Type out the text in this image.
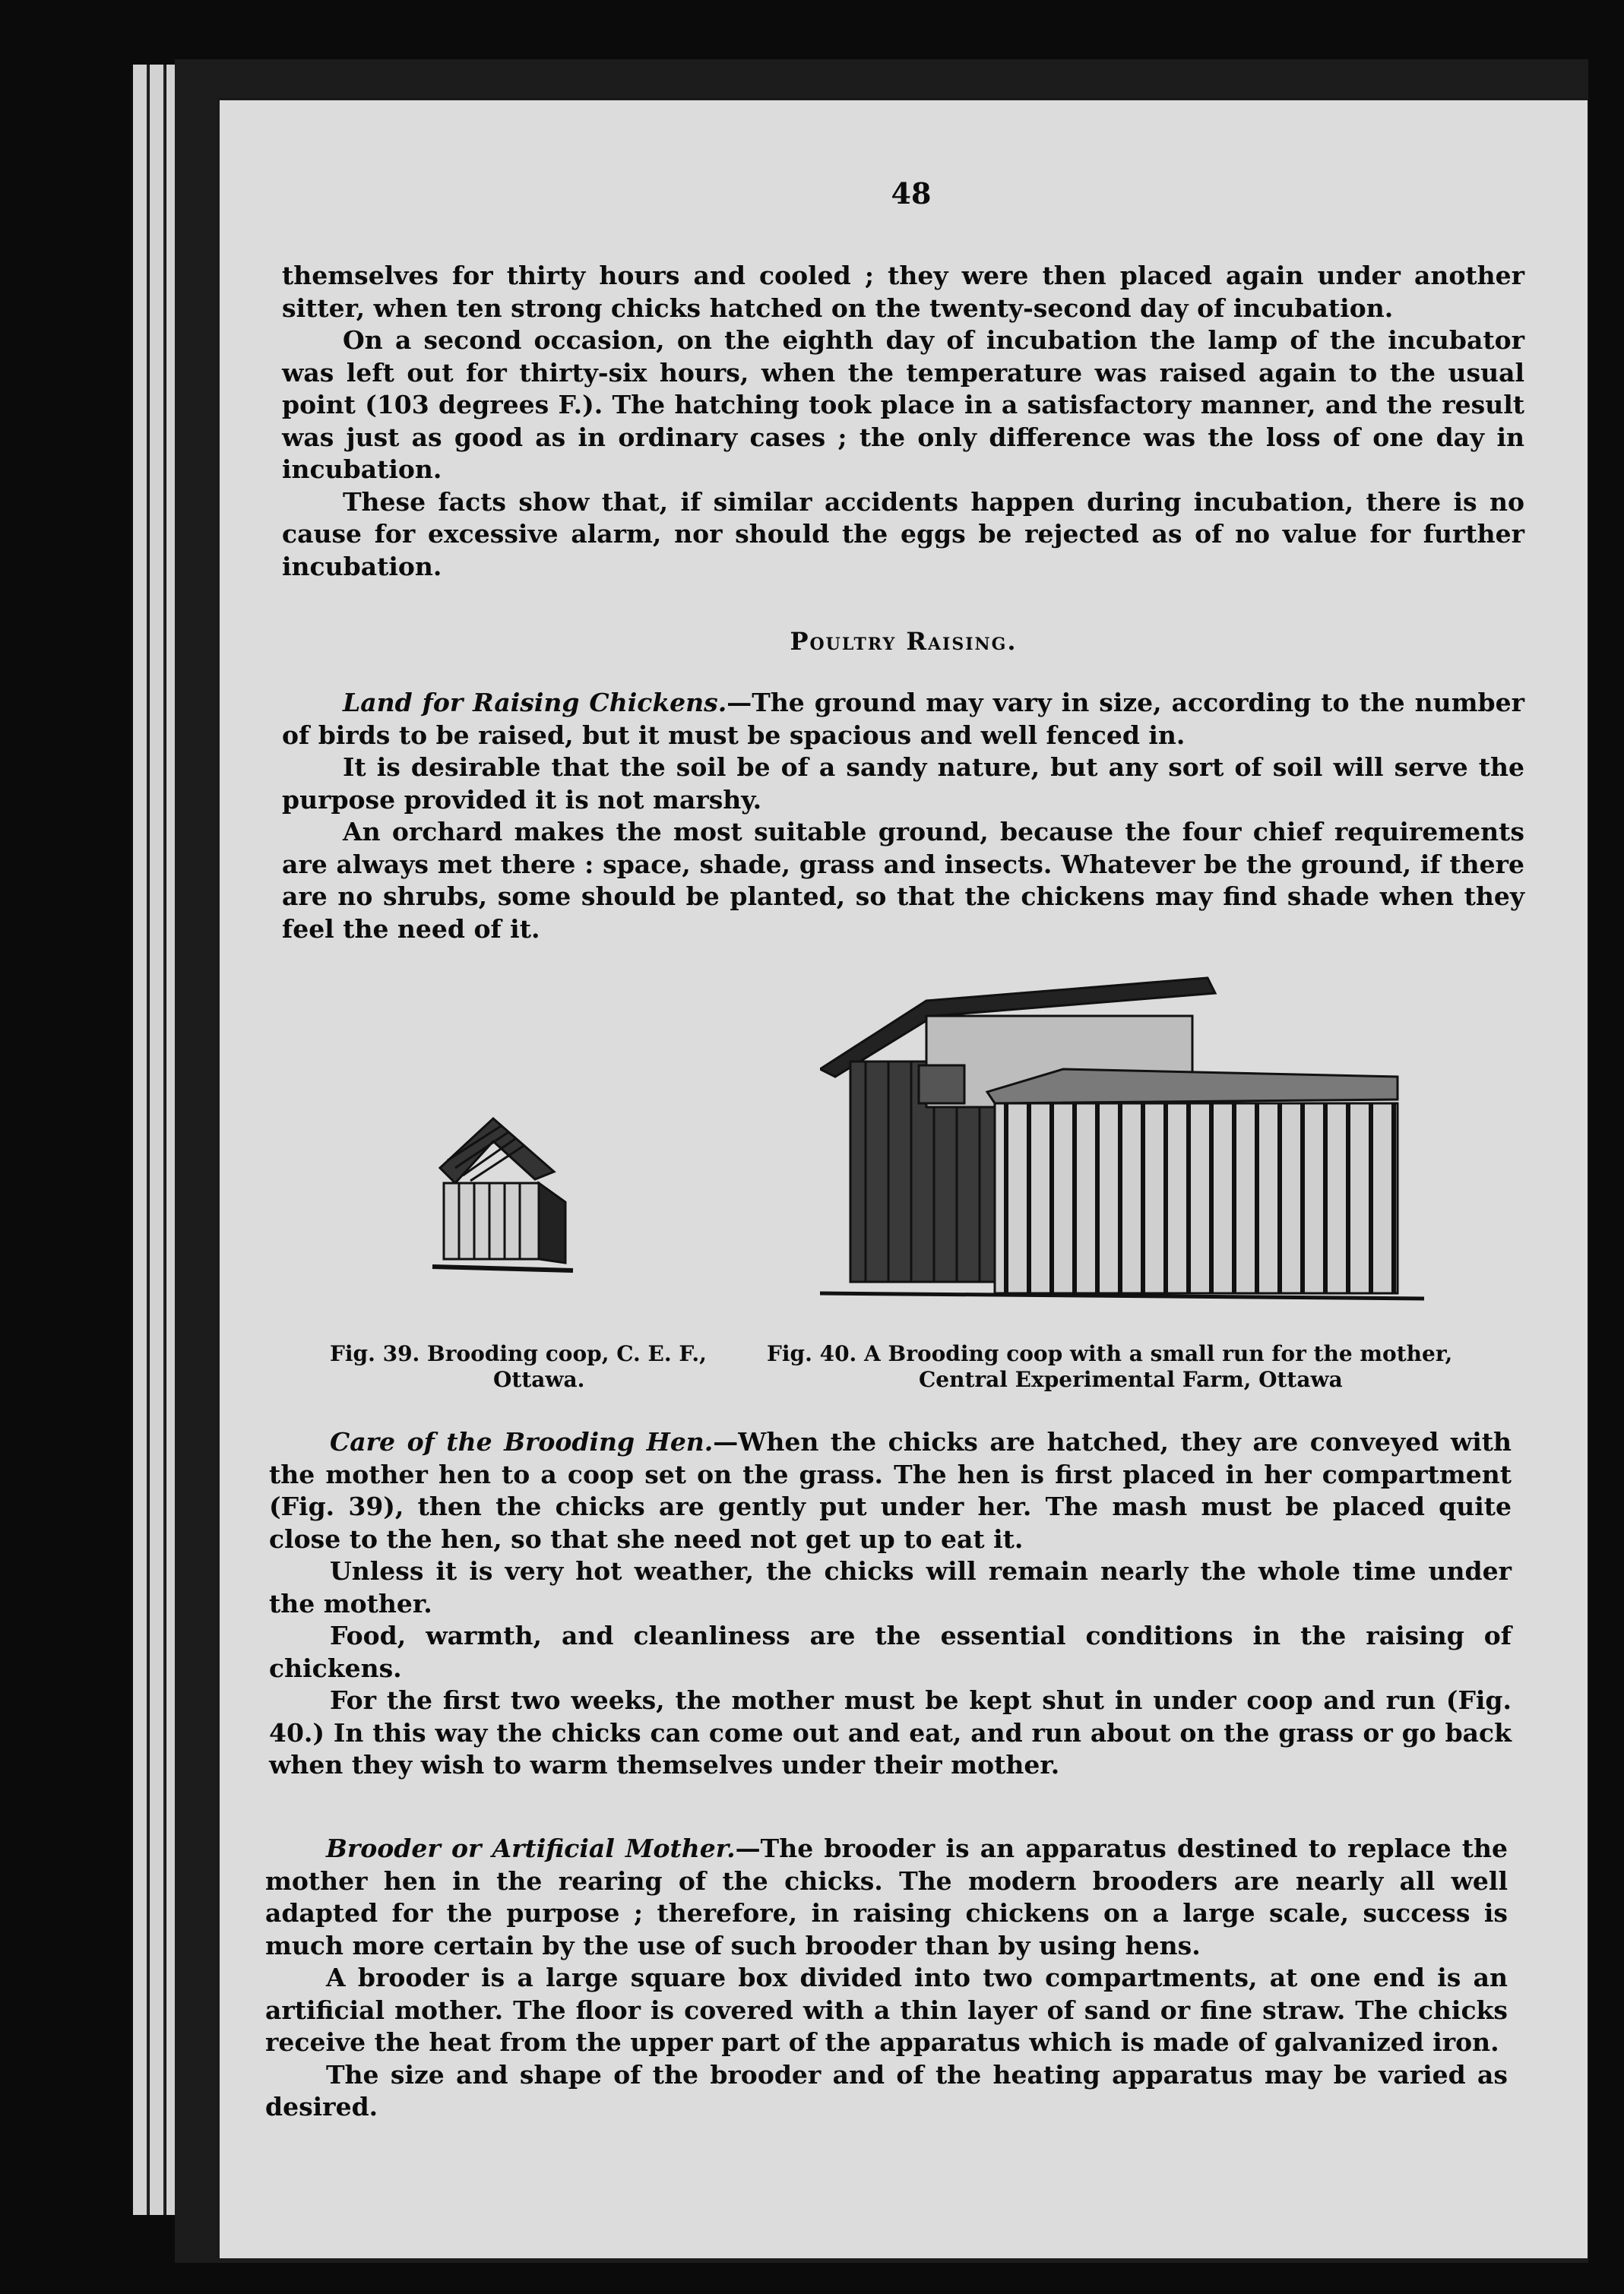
48

themselves for thirty hours and cooled ; they were then placed again under another sitter, when ten strong chicks hatched on the twenty-second day of incubation.

On a second occasion, on the eighth day of incubation the lamp of the incubator was left out for thirty-six hours, when the temperature was raised again to the usual point (103 degrees F.). The hatching took place in a satisfactory manner, and the result was just as good as in ordinary cases ; the only difference was the loss of one day in incubation.

These facts show that, if similar accidents happen during incubation, there is no cause for excessive alarm, nor should the eggs be rejected as of no value for further incubation.

Poultry Raising.

Land for Raising Chickens.—The ground may vary in size, according to the number of birds to be raised, but it must be spacious and well fenced in.

It is desirable that the soil be of a sandy nature, but any sort of soil will serve the purpose provided it is not marshy.

An orchard makes the most suitable ground, because the four chief requirements are always met there : space, shade, grass and insects. Whatever be the ground, if there are no shrubs, some should be planted, so that the chickens may find shade when they feel the need of it.

Fig. 39. Brooding coop, C. E. F.,
Ottawa.
Fig. 40. A Brooding coop with a small run for the mother,
Central Experimental Farm, Ottawa

Care of the Brooding Hen.—When the chicks are hatched, they are conveyed with the mother hen to a coop set on the grass. The hen is first placed in her compartment (Fig. 39), then the chicks are gently put under her. The mash must be placed quite close to the hen, so that she need not get up to eat it.

Unless it is very hot weather, the chicks will remain nearly the whole time under the mother.

Food, warmth, and cleanliness are the essential conditions in the raising of chickens.

For the first two weeks, the mother must be kept shut in under coop and run (Fig. 40.) In this way the chicks can come out and eat, and run about on the grass or go back when they wish to warm themselves under their mother.

Brooder or Artificial Mother.—The brooder is an apparatus destined to replace the mother hen in the rearing of the chicks. The modern brooders are nearly all well adapted for the purpose ; therefore, in raising chickens on a large scale, success is much more certain by the use of such brooder than by using hens.

A brooder is a large square box divided into two compartments, at one end is an artificial mother. The floor is covered with a thin layer of sand or fine straw. The chicks receive the heat from the upper part of the apparatus which is made of galvanized iron.

The size and shape of the brooder and of the heating apparatus may be varied as desired.
